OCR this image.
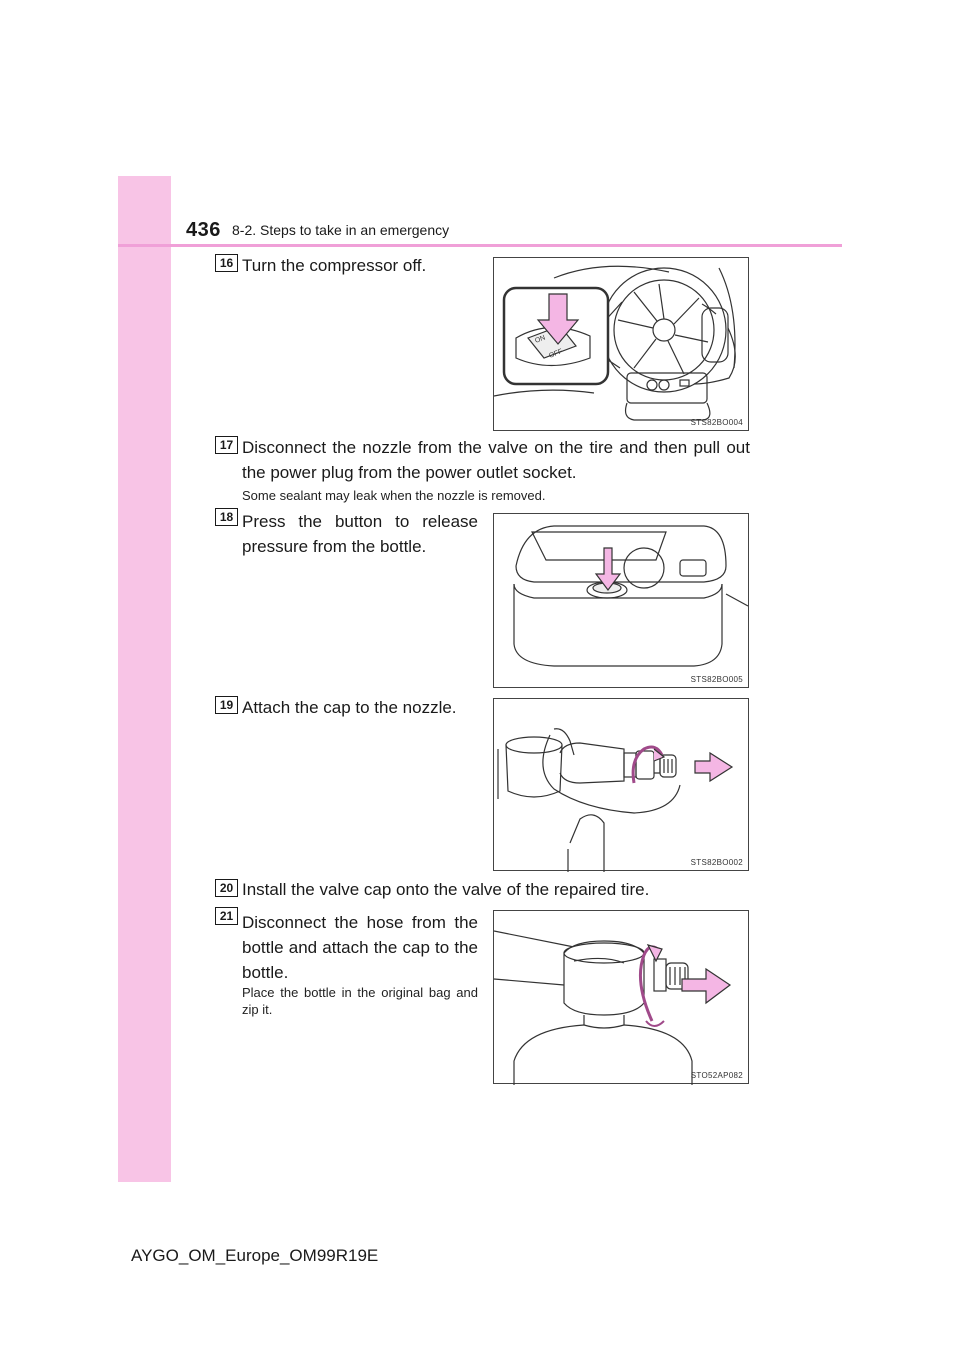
436 8-2. Steps to take in an emergency
16 Turn the compressor off.
ON
OFF
STS82BO004
17 Disconnect the nozzle from the valve on the tire and then pull out the power plug from the power outlet socket.
Some sealant may leak when the nozzle is removed.
18 Press the button to release pressure from the bottle.
STS82BO005
19 Attach the cap to the nozzle.
STS82BO002
20 Install the valve cap onto the valve of the repaired tire.
21 Disconnect the hose from the bottle and attach the cap to the bottle.
Place the bottle in the original bag and zip it.
STO52AP082
AYGO_OM_Europe_OM99R19E
